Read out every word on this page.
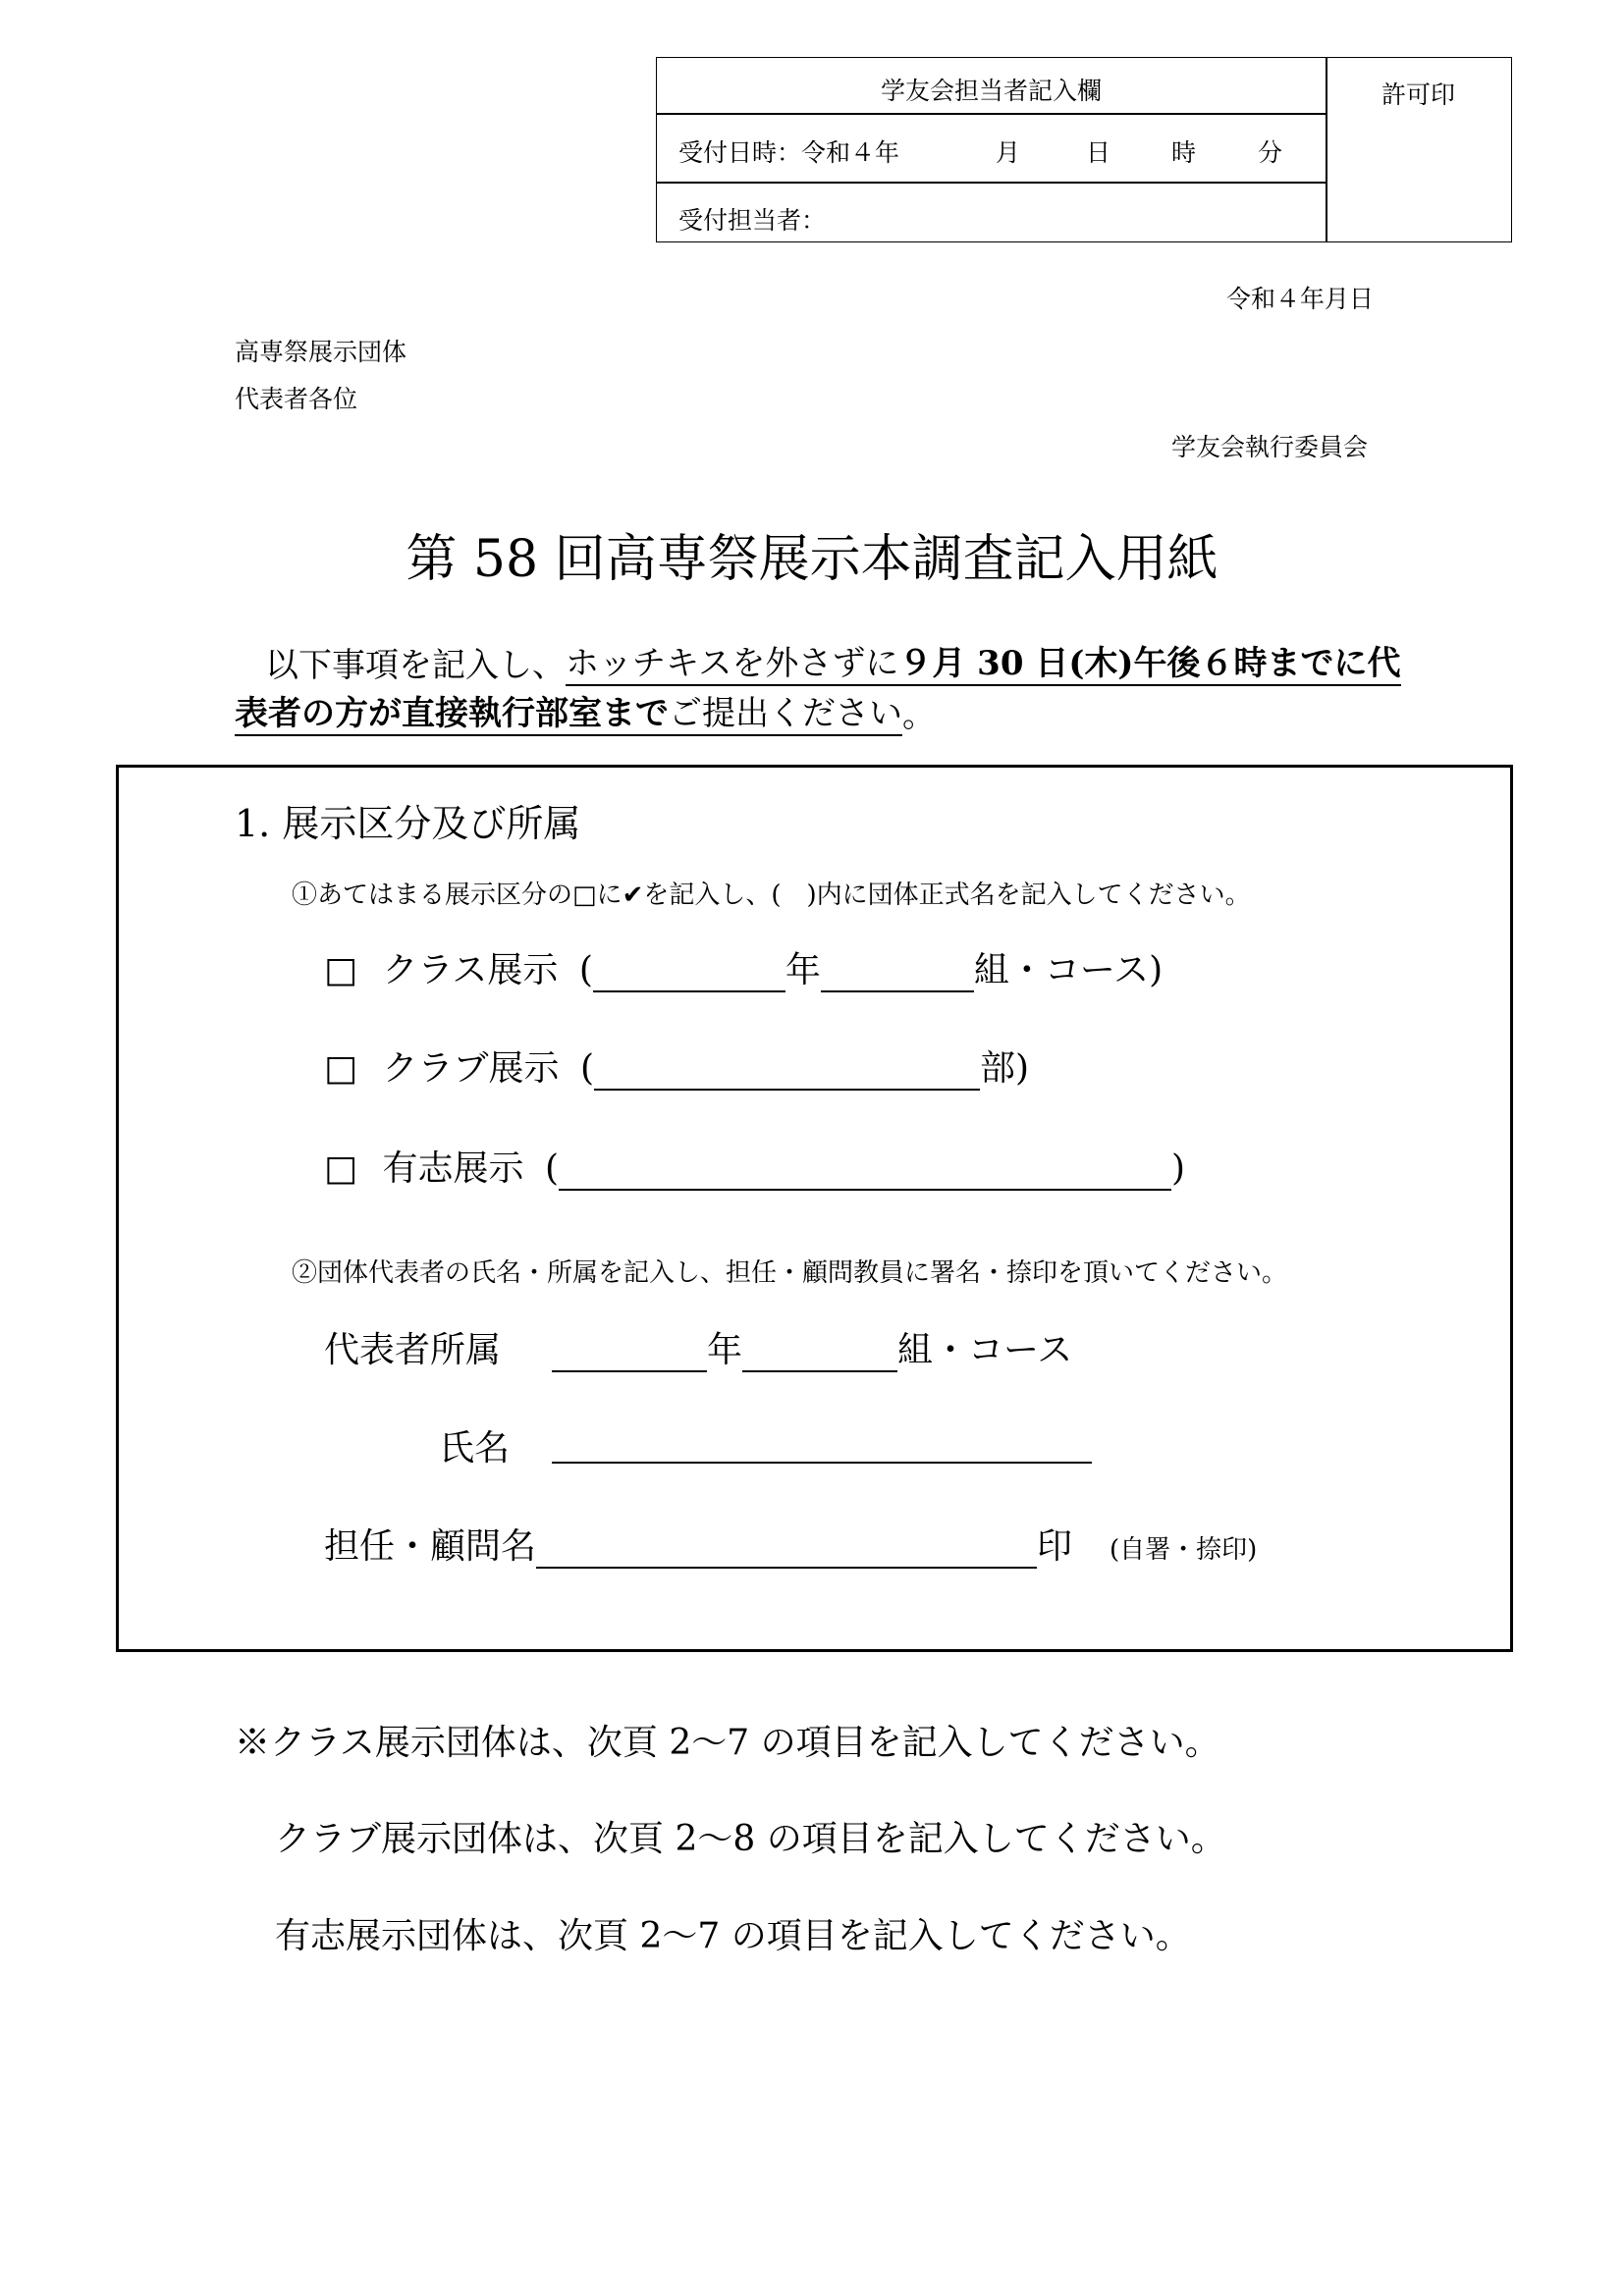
学友会担当者記入欄
受付日時：令和４年	月	日 時	分
受付担当者：
許可印
令和４年月日
高専祭展示団体
代表者各位
学友会執行委員会
第 58 回高専祭展示本調査記入用紙
以下事項を記入し、ホッチキスを外さずに９月 30 日(木)午後６時までに代
表者の方が直接執行部室までご提出ください。
1. 展示区分及び所属
①あてはまる展示区分の□に✔を記入し、(　)内に団体正式名を記入してください。
□ クラス展示 (	年	組・コース)
□ クラブ展示 (	部)
□ 有志展示 (	)
②団体代表者の氏名・所属を記入し、担任・顧問教員に署名・捺印を頂いてください。
代表者所属	年	組・コース
氏名
担任・顧問名	印 (自署・捺印)
※クラス展示団体は、次頁 2～7 の項目を記入してください。
クラブ展示団体は、次頁 2～8 の項目を記入してください。
有志展示団体は、次頁 2～7 の項目を記入してください。
